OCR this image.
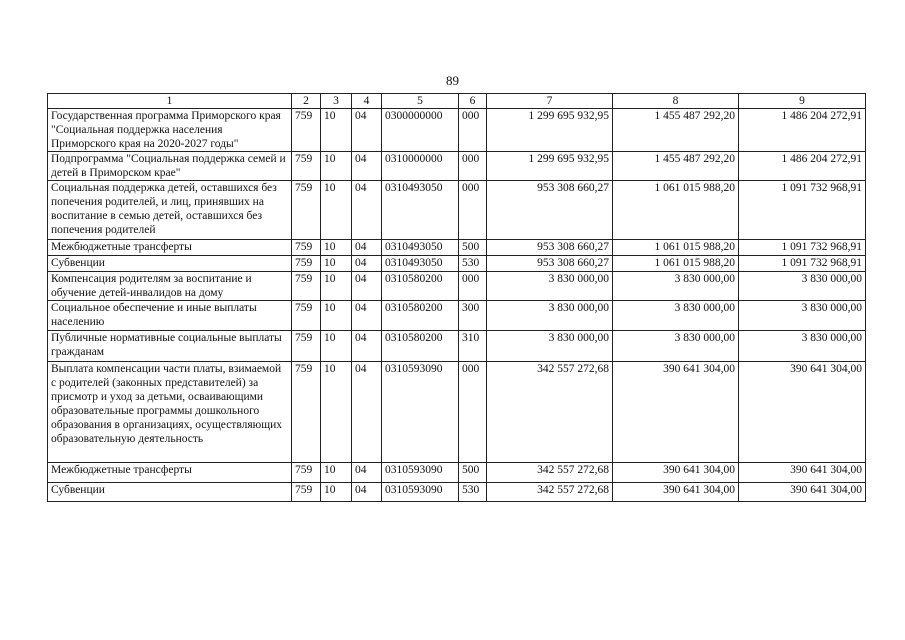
89
1	2	3	4	5	6	7	8	9
Государственная программа Приморского края "Социальная поддержка населения Приморского края на 2020-2027 годы"	759	10	04	0300000000	000	1 299 695 932,95	1 455 487 292,20	1 486 204 272,91
Подпрограмма "Социальная поддержка семей и детей в Приморском крае"	759	10	04	0310000000	000	1 299 695 932,95	1 455 487 292,20	1 486 204 272,91
Социальная поддержка детей, оставшихся без попечения родителей, и лиц, принявших на воспитание в семью детей, оставшихся без попечения родителей	759	10	04	0310493050	000	953 308 660,27	1 061 015 988,20	1 091 732 968,91
Межбюджетные трансферты	759	10	04	0310493050	500	953 308 660,27	1 061 015 988,20	1 091 732 968,91
Субвенции	759	10	04	0310493050	530	953 308 660,27	1 061 015 988,20	1 091 732 968,91
Компенсация родителям за воспитание и обучение детей-инвалидов на дому	759	10	04	0310580200	000	3 830 000,00	3 830 000,00	3 830 000,00
Социальное обеспечение и иные выплаты населению	759	10	04	0310580200	300	3 830 000,00	3 830 000,00	3 830 000,00
Публичные нормативные социальные выплаты гражданам	759	10	04	0310580200	310	3 830 000,00	3 830 000,00	3 830 000,00
Выплата компенсации части платы, взимаемой с родителей (законных представителей) за присмотр и уход за детьми, осваивающими образовательные программы дошкольного образования в организациях, осуществляющих образовательную деятельность	759	10	04	0310593090	000	342 557 272,68	390 641 304,00	390 641 304,00
Межбюджетные трансферты	759	10	04	0310593090	500	342 557 272,68	390 641 304,00	390 641 304,00
Субвенции	759	10	04	0310593090	530	342 557 272,68	390 641 304,00	390 641 304,00
